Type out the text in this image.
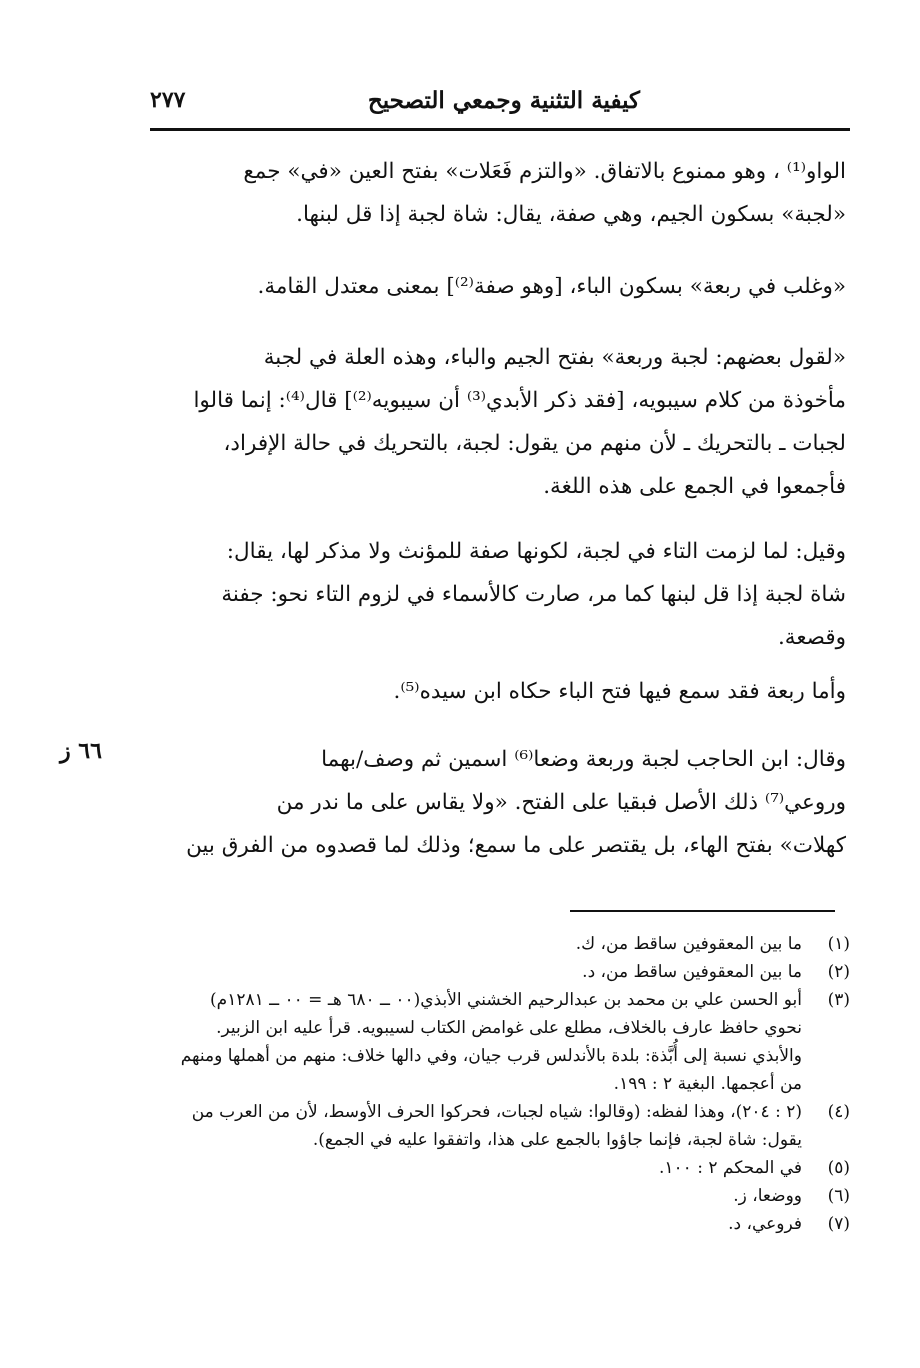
كيفية التثنية وجمعي التصحيح
٢٧٧
٦٦ ز
الواو⁽¹⁾ ، وهو ممنوع بالاتفاق. «والتزم فَعَلات» بفتح العين «في» جمع
«لجبة» بسكون الجيم، وهي صفة، يقال: شاة لجبة إذا قل لبنها.
«وغلب في ربعة» بسكون الباء، [وهو صفة⁽²⁾] بمعنى معتدل القامة.
«لقول بعضهم: لجبة وربعة» بفتح الجيم والباء، وهذه العلة في لجبة
مأخوذة من كلام سيبويه، [فقد ذكر الأبدي⁽³⁾ أن سيبويه⁽²⁾] قال⁽⁴⁾: إنما قالوا
لجبات ـ بالتحريك ـ لأن منهم من يقول: لجبة، بالتحريك في حالة الإفراد،
فأجمعوا في الجمع على هذه اللغة.
وقيل: لما لزمت التاء في لجبة، لكونها صفة للمؤنث ولا مذكر لها، يقال:
شاة لجبة إذا قل لبنها كما مر، صارت كالأسماء في لزوم التاء نحو: جفنة
وقصعة.
وأما ربعة فقد سمع فيها فتح الباء حكاه ابن سيده⁽⁵⁾.
وقال: ابن الحاجب لجبة وربعة وضعا⁽⁶⁾ اسمين ثم وصف/بهما
وروعي⁽⁷⁾ ذلك الأصل فبقيا على الفتح. «ولا يقاس على ما ندر من
كهلات» بفتح الهاء، بل يقتصر على ما سمع؛ وذلك لما قصدوه من الفرق بين
(١)
ما بين المعقوفين ساقط من، ك.
(٢)
ما بين المعقوفين ساقط من، د.
(٣)
أبو الحسن علي بن محمد بن عبدالرحيم الخشني الأبذي(٠٠ ــ ٦٨٠ هـ = ٠٠ ــ ١٢٨١م)
نحوي حافظ عارف بالخلاف، مطلع على غوامض الكتاب لسيبويه. قرأ عليه ابن الزبير.
والأبذي نسبة إلى أُبَّذة: بلدة بالأندلس قرب جيان، وفي دالها خلاف: منهم من أهملها ومنهم
من أعجمها. البغية ٢ : ١٩٩.
(٤)
(٢ : ٢٠٤)، وهذا لفظه: (وقالوا: شياه لجبات، فحركوا الحرف الأوسط، لأن من العرب من
يقول: شاة لجبة، فإنما جاؤوا بالجمع على هذا، واتفقوا عليه في الجمع).
(٥)
في المحكم ٢ : ١٠٠.
(٦)
ووضعا، ز.
(٧)
فروعي، د.
